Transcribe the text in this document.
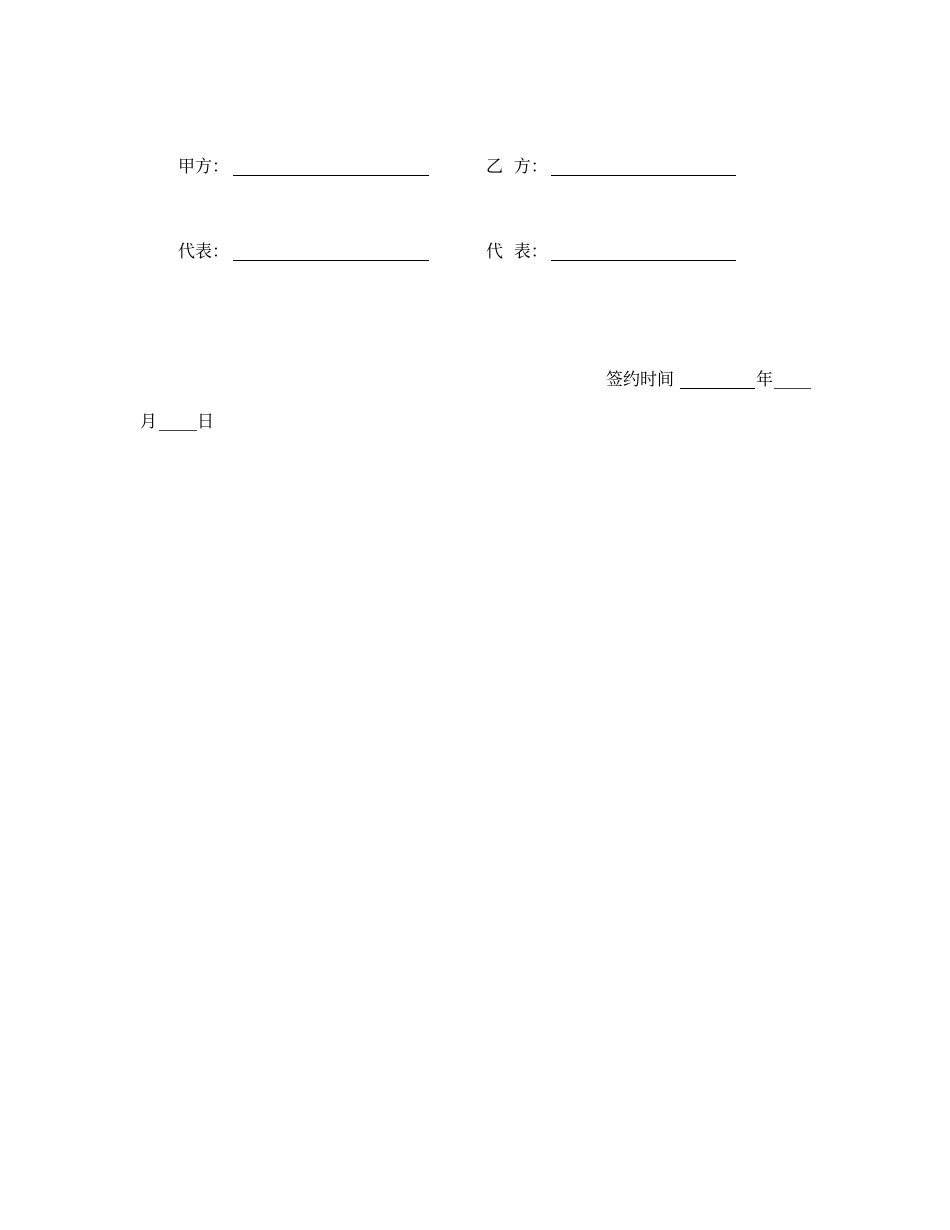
甲方：	乙  方：
代表：	代  表：
签约时间	年
月 日
